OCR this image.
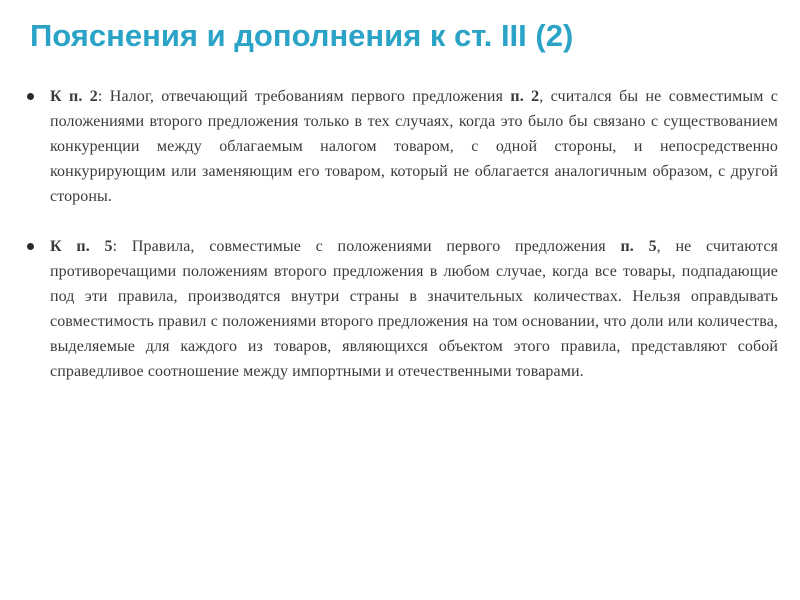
Пояснения и дополнения к ст. III (2)
К п. 2: Налог, отвечающий требованиям первого предложения п. 2, считался бы не совместимым с положениями второго предложения только в тех случаях, когда это было бы связано с существованием конкуренции между облагаемым налогом товаром, с одной стороны, и непосредственно конкурирующим или заменяющим его товаром, который не облагается аналогичным образом, с другой стороны.
К п. 5: Правила, совместимые с положениями первого предложения п. 5, не считаются противоречащими положениям второго предложения в любом случае, когда все товары, подпадающие под эти правила, производятся внутри страны в значительных количествах. Нельзя оправдывать совместимость правил с положениями второго предложения на том основании, что доли или количества, выделяемые для каждого из товаров, являющихся объектом этого правила, представляют собой справедливое соотношение между импортными и отечественными товарами.
